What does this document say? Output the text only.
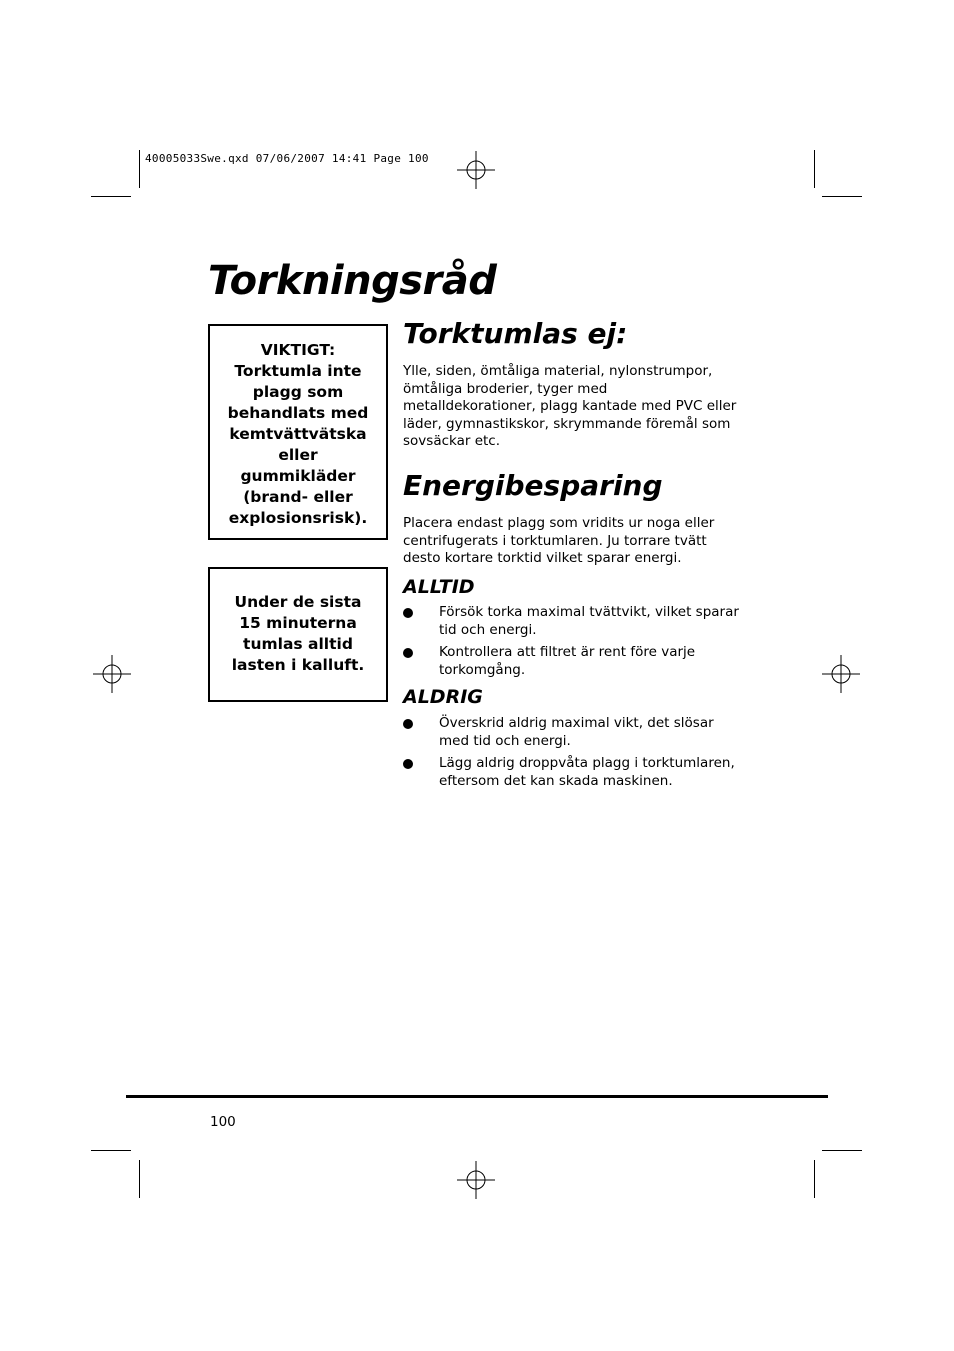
40005033Swe.qxd 07/06/2007 14:41 Page 100
Torkningsråd
VIKTIGT:
Torktumla inte
plagg som
behandlats med
kemtvättvätska
eller
gummikläder
(brand- eller
explosionsrisk).
Under de sista
15 minuterna
tumlas alltid
lasten i kalluft.
Torktumlas ej:
Ylle, siden, ömtåliga material, nylonstrumpor,
ömtåliga broderier, tyger med
metalldekorationer, plagg kantade med PVC eller
läder, gymnastikskor, skrymmande föremål som
sovsäckar etc.
Energibesparing
Placera endast plagg som vridits ur noga eller
centrifugerats i torktumlaren. Ju torrare tvätt
desto kortare torktid vilket sparar energi.
ALLTID
Försök torka maximal tvättvikt, vilket sparar
tid och energi.
Kontrollera att filtret är rent före varje
torkomgång.
ALDRIG
Överskrid aldrig maximal vikt, det slösar
med tid och energi.
Lägg aldrig droppvåta plagg i torktumlaren,
eftersom det kan skada maskinen.
100
